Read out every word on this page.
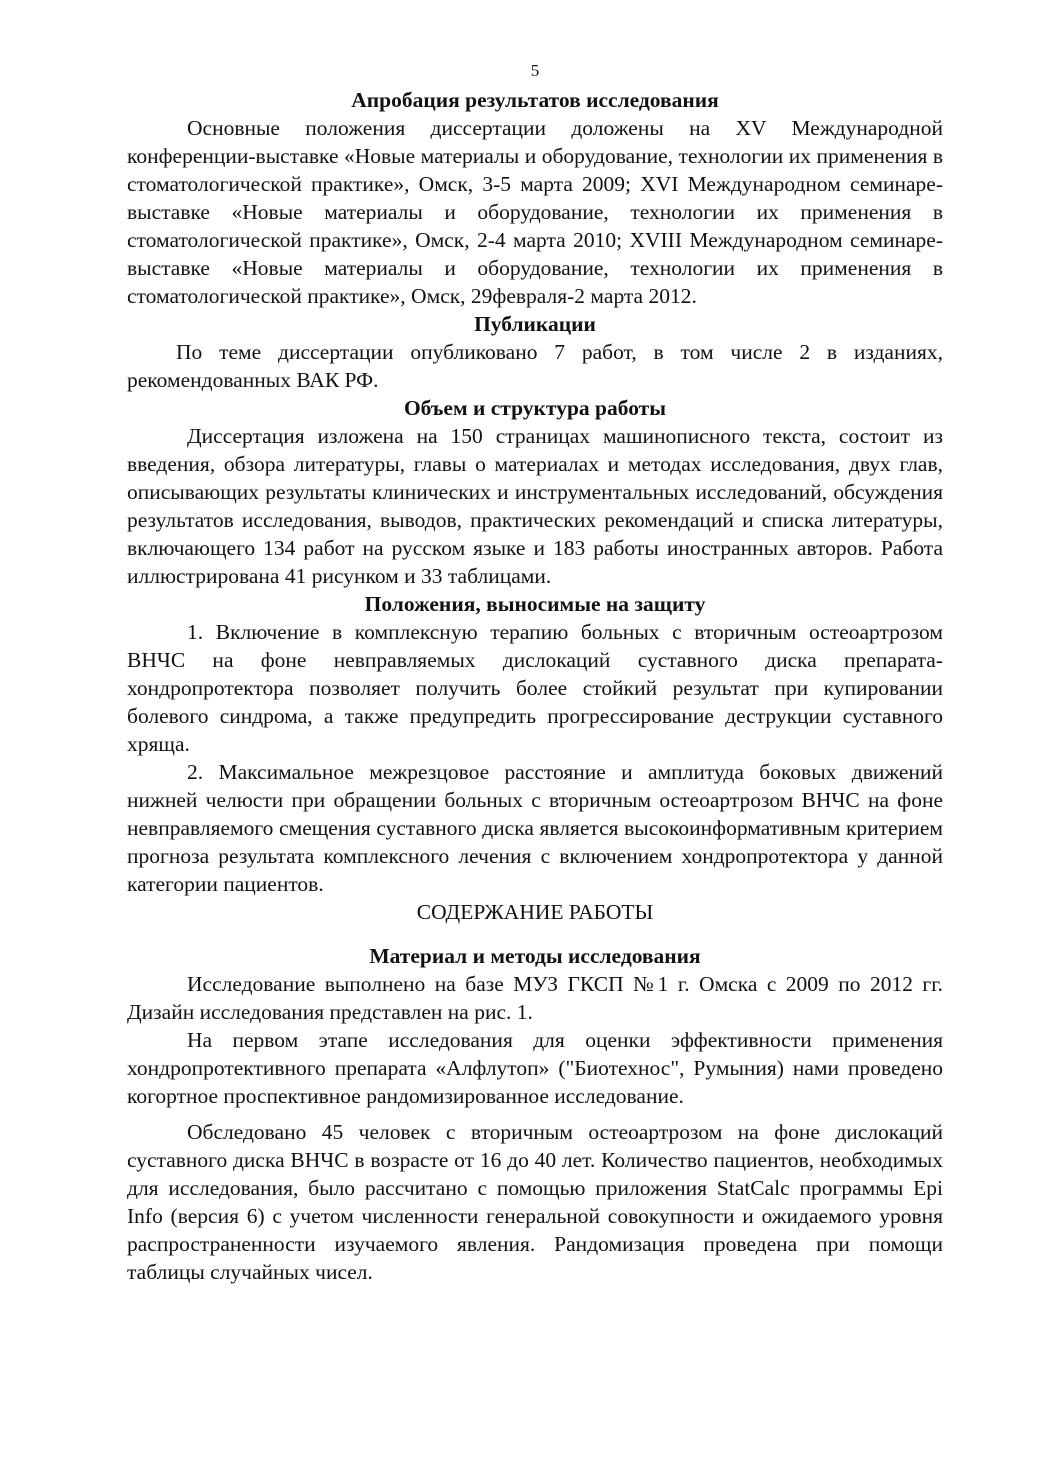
5
Апробация результатов исследования

Основные положения диссертации доложены на XV Международной конференции-выставке «Новые материалы и оборудование, технологии их применения в стоматологической практике», Омск, 3-5 марта 2009; XVI Международном семинаре-выставке «Новые материалы и оборудование, технологии их применения в стоматологической практике», Омск, 2-4 марта 2010; XVIII Международном семинаре-выставке «Новые материалы и оборудование, технологии их применения в стоматологической практике», Омск, 29февраля-2 марта 2012.

Публикации

По теме диссертации опубликовано 7 работ, в том числе 2 в изданиях, рекомендованных ВАК РФ.

Объем и структура работы

Диссертация изложена на 150 страницах машинописного текста, состоит из введения, обзора литературы, главы о материалах и методах исследования, двух глав, описывающих результаты клинических и инструментальных исследований, обсуждения результатов исследования, выводов, практических рекомендаций и списка литературы, включающего 134 работ на русском языке и 183 работы иностранных авторов. Работа иллюстрирована 41 рисунком и 33 таблицами.

Положения, выносимые на защиту

1. Включение в комплексную терапию больных с вторичным остеоартрозом ВНЧС на фоне невправляемых дислокаций суставного диска препарата-хондропротектора позволяет получить более стойкий результат при купировании болевого синдрома, а также предупредить прогрессирование деструкции суставного хряща.

2. Максимальное межрезцовое расстояние и амплитуда боковых движений нижней челюсти при обращении больных с вторичным остеоартрозом ВНЧС на фоне невправляемого смещения суставного диска является высокоинформативным критерием прогноза результата комплексного лечения с включением хондропротектора у данной категории пациентов.

СОДЕРЖАНИЕ РАБОТЫ
Материал и методы исследования

Исследование выполнено на базе МУЗ ГКСП №1 г. Омска с 2009 по 2012 гг. Дизайн исследования представлен на рис. 1.

На первом этапе исследования для оценки эффективности применения хондропротективного препарата «Алфлутоп» ("Биотехнос", Румыния) нами проведено когортное проспективное рандомизированное исследование.

Обследовано 45 человек с вторичным остеоартрозом на фоне дислокаций суставного диска ВНЧС в возрасте от 16 до 40 лет. Количество пациентов, необходимых для исследования, было рассчитано с помощью приложения StatCalc программы Epi Info (версия 6) с учетом численности генеральной совокупности и ожидаемого уровня распространенности изучаемого явления. Рандомизация проведена при помощи таблицы случайных чисел.
